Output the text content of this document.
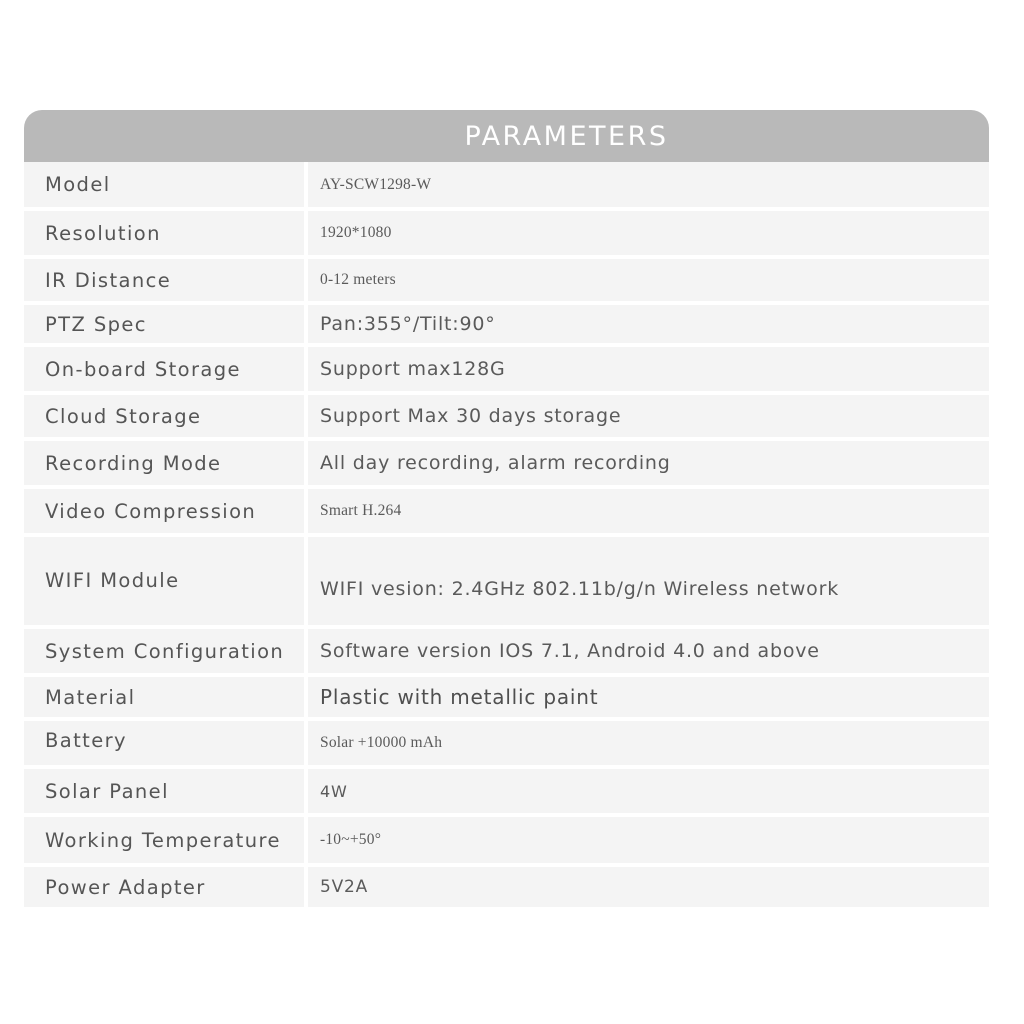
PARAMETERS
Model	AY-SCW1298-W
Resolution	1920*1080
IR Distance	0-12 meters
PTZ Spec	Pan:355°/Tilt:90°
On-board Storage	Support max128G
Cloud Storage	Support Max 30 days storage
Recording Mode	All day recording, alarm recording
Video Compression	Smart H.264
WIFI Module	WIFI vesion: 2.4GHz 802.11b/g/n Wireless network
System Configuration	Software version IOS 7.1, Android 4.0 and above
Material	Plastic with metallic paint
Battery	Solar +10000 mAh
Solar Panel	4W
Working Temperature	-10~+50°
Power Adapter	5V2A
